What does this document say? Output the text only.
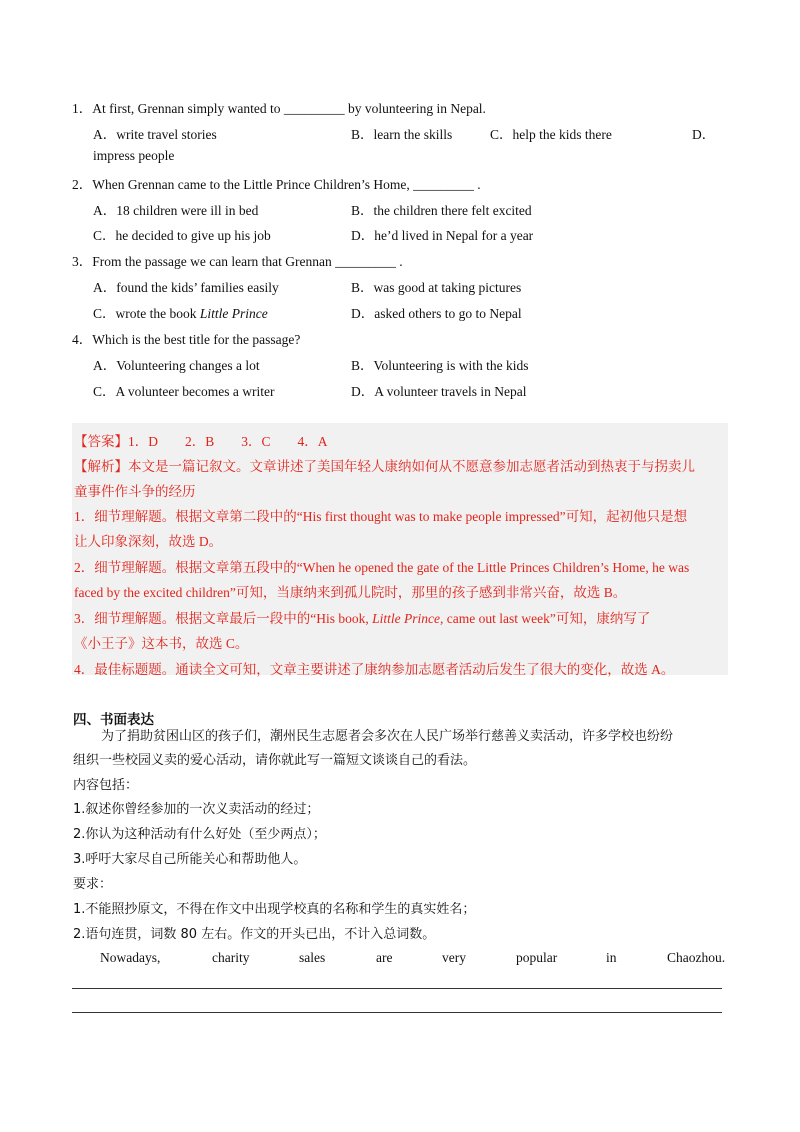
1．At first, Grennan simply wanted to _________ by volunteering in Nepal.
A．write travel stories	B．learn the skills	C．help the kids there	D．
impress people
2．When Grennan came to the Little Prince Children’s Home, _________ .
A．18 children were ill in bed	B．the children there felt excited
C．he decided to give up his job	D．he’d lived in Nepal for a year
3．From the passage we can learn that Grennan _________ .
A．found the kids’ families easily	B．was good at taking pictures
C．wrote the book Little Prince	D．asked others to go to Nepal
4．Which is the best title for the passage?
A．Volunteering changes a lot	B．Volunteering is with the kids
C．A volunteer becomes a writer	D．A volunteer travels in Nepal
【答案】1．D　　2．B　　3．C　　4．A
【解析】本文是一篇记叙文。文章讲述了美国年轻人康纳如何从不愿意参加志愿者活动到热衷于与拐卖儿
童事件作斗争的经历
1．细节理解题。根据文章第二段中的“His first thought was to make people impressed”可知，起初他只是想
让人印象深刻，故选 D。
2．细节理解题。根据文章第五段中的“When he opened the gate of the Little Princes Children’s Home, he was
faced by the excited children”可知，当康纳来到孤儿院时，那里的孩子感到非常兴奋，故选 B。
3．细节理解题。根据文章最后一段中的“His book, Little Prince, came out last week”可知，康纳写了
《小王子》这本书，故选 C。
4．最佳标题题。通读全文可知，文章主要讲述了康纳参加志愿者活动后发生了很大的变化，故选 A。
四、书面表达
为了捐助贫困山区的孩子们，潮州民生志愿者会多次在人民广场举行慈善义卖活动，许多学校也纷纷
组织一些校园义卖的爱心活动，请你就此写一篇短文谈谈自己的看法。
内容包括：
1.叙述你曾经参加的一次义卖活动的经过；
2.你认为这种活动有什么好处（至少两点）；
3.呼吁大家尽自己所能关心和帮助他人。
要求：
1.不能照抄原文，不得在作文中出现学校真的名称和学生的真实姓名；
2.语句连贯，词数 80 左右。作文的开头已出，不计入总词数。
Nowadays,	charity	sales	are	very	popular	in	Chaozhou.
